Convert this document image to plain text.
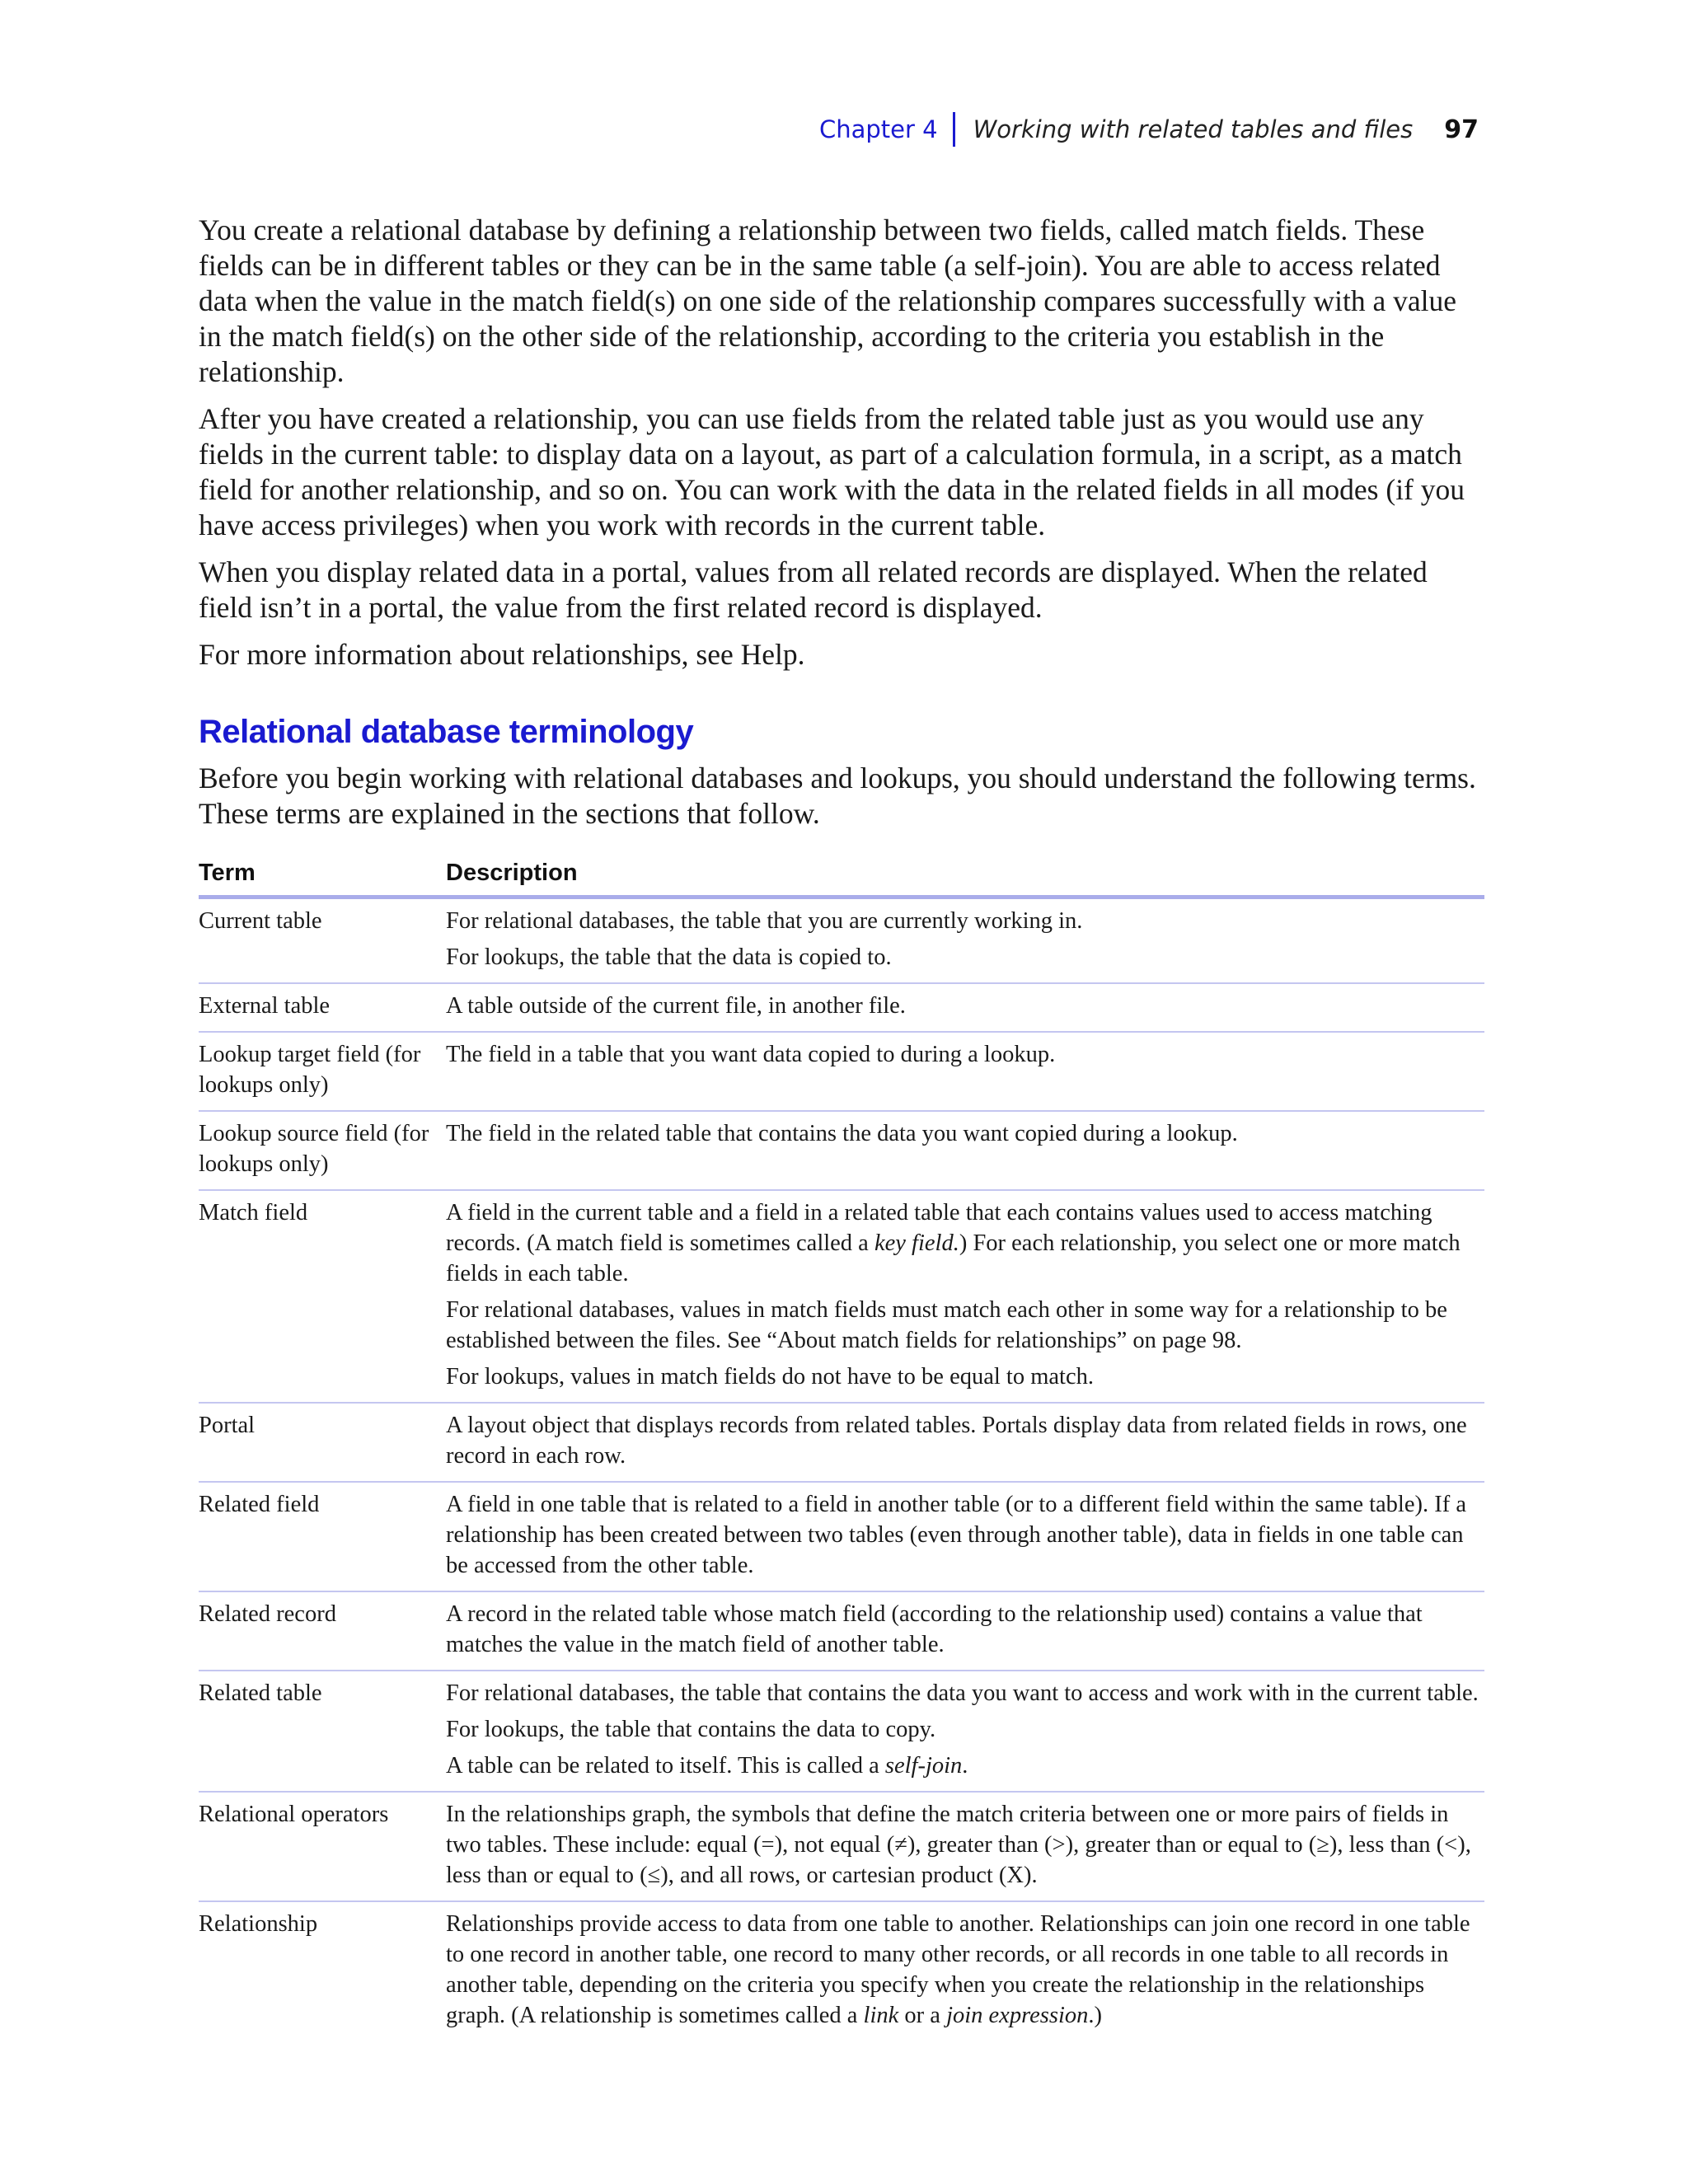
Chapter 4 Working with related tables and files 97

You create a relational database by defining a relationship between two fields, called match fields. These fields can be in different tables or they can be in the same table (a self-join). You are able to access related data when the value in the match field(s) on one side of the relationship compares successfully with a value in the match field(s) on the other side of the relationship, according to the criteria you establish in the relationship.

After you have created a relationship, you can use fields from the related table just as you would use any fields in the current table: to display data on a layout, as part of a calculation formula, in a script, as a match field for another relationship, and so on. You can work with the data in the related fields in all modes (if you have access privileges) when you work with records in the current table.

When you display related data in a portal, values from all related records are displayed. When the related field isn’t in a portal, the value from the first related record is displayed.

For more information about relationships, see Help.

Relational database terminology

Before you begin working with relational databases and lookups, you should understand the following terms. These terms are explained in the sections that follow.

Term	Description
Current table	For relational databases, the table that you are currently working in.
For lookups, the table that the data is copied to.

External table	A table outside of the current file, in another file.

Lookup target field (for lookups only)	The field in a table that you want data copied to during a lookup.

Lookup source field (for lookups only)	The field in the related table that contains the data you want copied during a lookup.

Match field	A field in the current table and a field in a related table that each contains values used to access matching records. (A match field is sometimes called a key field.) For each relationship, you select one or more match fields in each table.
For relational databases, values in match fields must match each other in some way for a relationship to be established between the files. See “About match fields for relationships” on page 98.
For lookups, values in match fields do not have to be equal to match.

Portal	A layout object that displays records from related tables. Portals display data from related fields in rows, one record in each row.

Related field	A field in one table that is related to a field in another table (or to a different field within the same table). If a relationship has been created between two tables (even through another table), data in fields in one table can be accessed from the other table.

Related record	A record in the related table whose match field (according to the relationship used) contains a value that matches the value in the match field of another table.

Related table	For relational databases, the table that contains the data you want to access and work with in the current table.
For lookups, the table that contains the data to copy.
A table can be related to itself. This is called a self-join.

Relational operators	In the relationships graph, the symbols that define the match criteria between one or more pairs of fields in two tables. These include: equal (=), not equal (≠), greater than (>), greater than or equal to (≥), less than (<), less than or equal to (≤), and all rows, or cartesian product (X).

Relationship	Relationships provide access to data from one table to another. Relationships can join one record in one table to one record in another table, one record to many other records, or all records in one table to all records in another table, depending on the criteria you specify when you create the relationship in the relationships graph. (A relationship is sometimes called a link or a join expression.)
